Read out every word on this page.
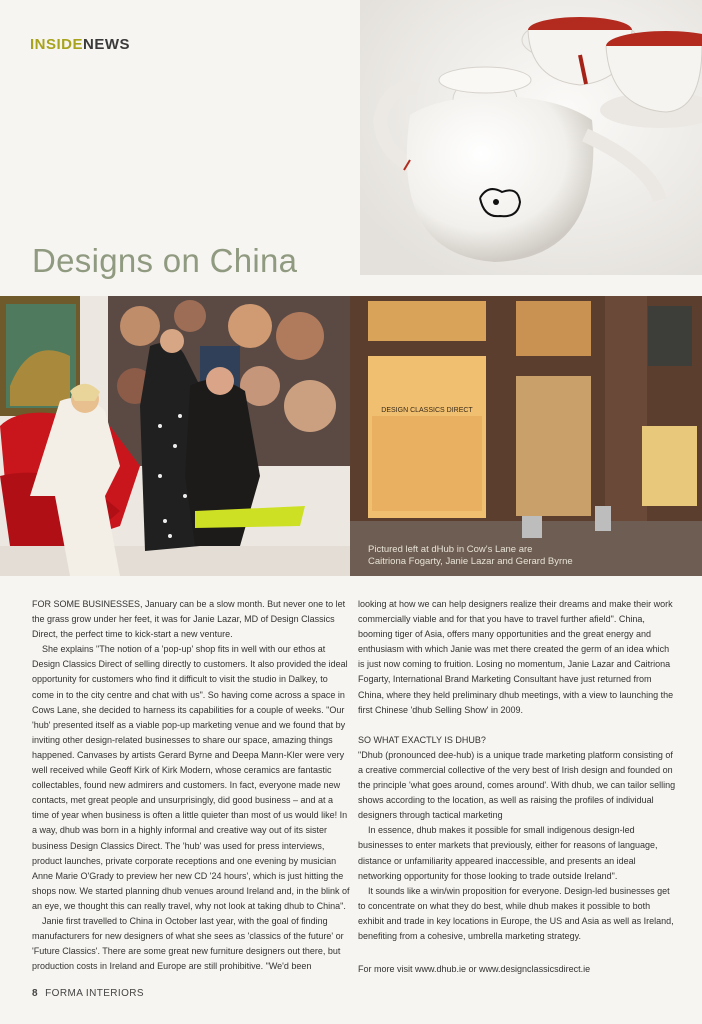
INSIDENEWS
Designs on China
DESIGN CLASSICS DIRECT
Pictured left at dHub in Cow's Lane are
Caitriona Fogarty, Janie Lazar and Gerard Byrne

FOR SOME BUSINESSES, January can be a slow month. But never one to let the grass grow under her feet, it was for Janie Lazar, MD of Design Classics Direct, the perfect time to kick-start a new venture.

She explains "The notion of a 'pop-up' shop fits in well with our ethos at Design Classics Direct of selling directly to customers. It also provided the ideal opportunity for customers who find it difficult to visit the studio in Dalkey, to come in to the city centre and chat with us". So having come across a space in Cows Lane, she decided to harness its capabilities for a couple of weeks. "Our 'hub' presented itself as a viable pop-up marketing venue and we found that by inviting other design-related businesses to share our space, amazing things happened. Canvases by artists Gerard Byrne and Deepa Mann-Kler were very well received while Geoff Kirk of Kirk Modern, whose ceramics are fantastic collectables, found new admirers and customers. In fact, everyone made new contacts, met great people and unsurprisingly, did good business – and at a time of year when business is often a little quieter than most of us would like! In a way, dhub was born in a highly informal and creative way out of its sister business Design Classics Direct. The 'hub' was used for press interviews, product launches, private corporate receptions and one evening by musician Anne Marie O'Grady to preview her new CD '24 hours', which is just hitting the shops now. We started planning dhub venues around Ireland and, in the blink of an eye, we thought this can really travel, why not look at taking dhub to China".

Janie first travelled to China in October last year, with the goal of finding manufacturers for new designers of what she sees as 'classics of the future' or 'Future Classics'. There are some great new furniture designers out there, but production costs in Ireland and Europe are still prohibitive. "We'd been

looking at how we can help designers realize their dreams and make their work commercially viable and for that you have to travel further afield". China, booming tiger of Asia, offers many opportunities and the great energy and enthusiasm with which Janie was met there created the germ of an idea which is just now coming to fruition. Losing no momentum, Janie Lazar and Caitriona Fogarty, International Brand Marketing Consultant have just returned from China, where they held preliminary dhub meetings, with a view to launching the first Chinese 'dhub Selling Show' in 2009.

SO WHAT EXACTLY IS DHUB?

"Dhub (pronounced dee-hub) is a unique trade marketing platform consisting of a creative commercial collective of the very best of Irish design and founded on the principle 'what goes around, comes around'. With dhub, we can tailor selling shows according to the location, as well as raising the profiles of individual designers through tactical marketing

In essence, dhub makes it possible for small indigenous design-led businesses to enter markets that previously, either for reasons of language, distance or unfamiliarity appeared inaccessible, and presents an ideal networking opportunity for those looking to trade outside Ireland".

It sounds like a win/win proposition for everyone. Design-led businesses get to concentrate on what they do best, while dhub makes it possible to both exhibit and trade in key locations in Europe, the US and Asia as well as Ireland, benefiting from a cohesive, umbrella marketing strategy.

For more visit www.dhub.ie or www.designclassicsdirect.ie

8 FORMA INTERIORS
